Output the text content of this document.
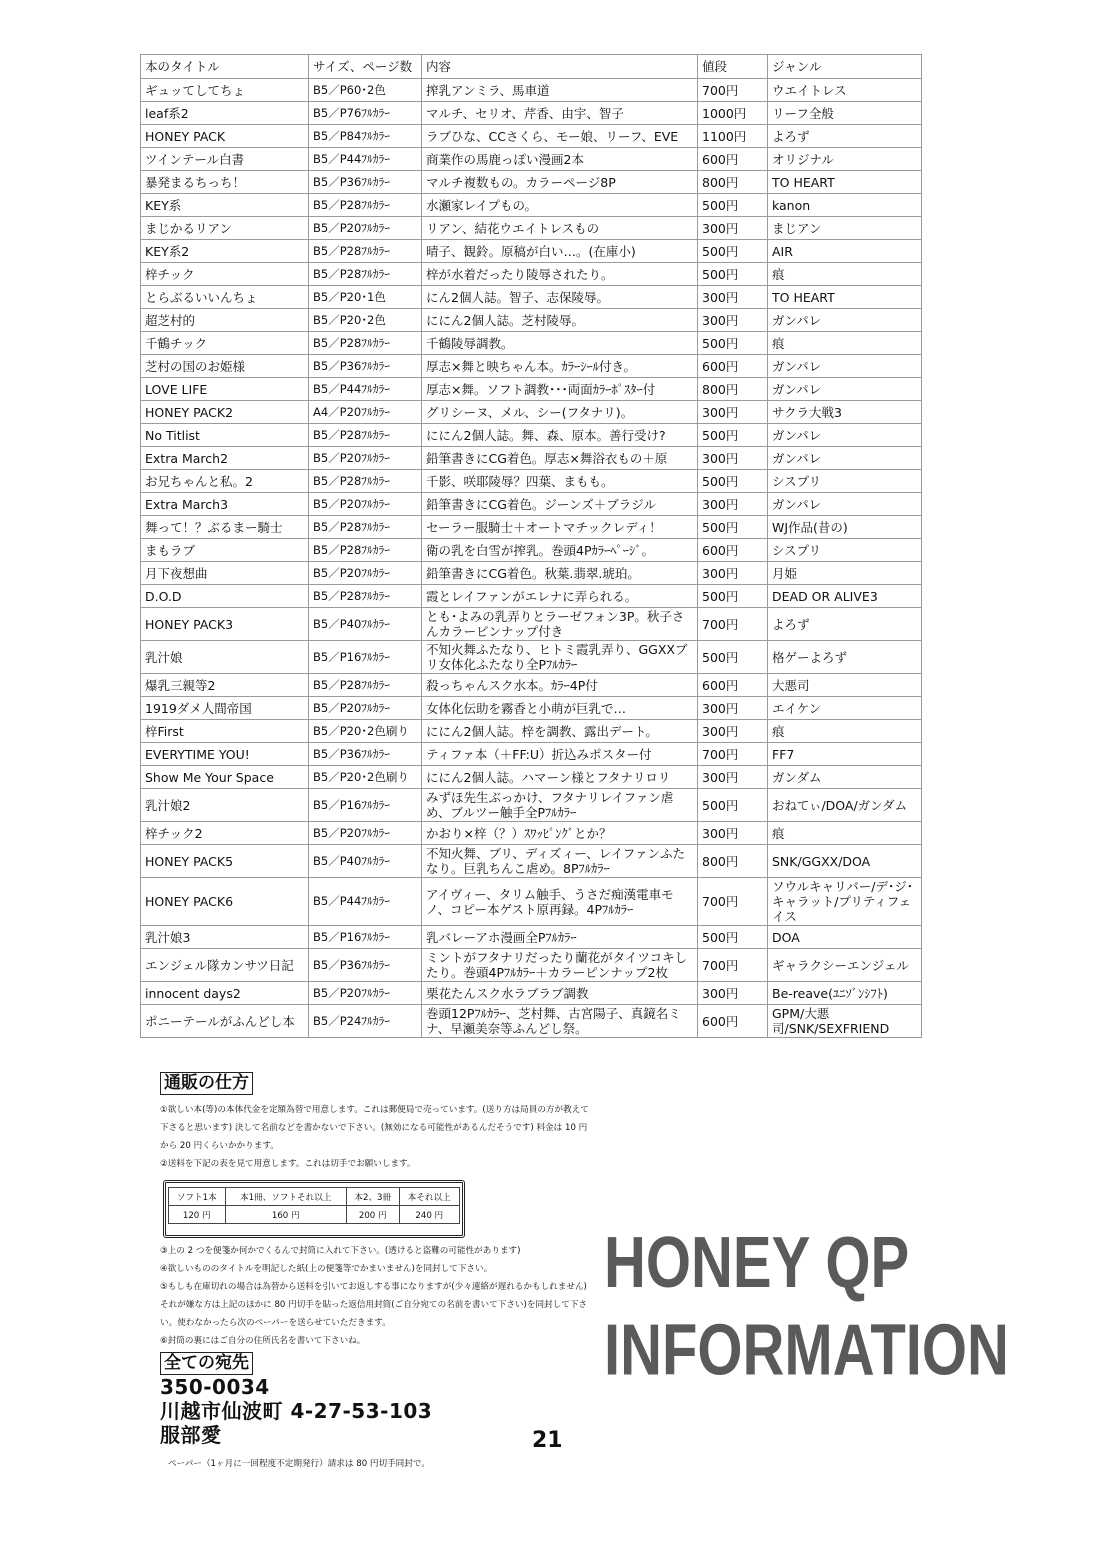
本のタイトル	サイズ、ページ数	内容	値段	ジャンル
ギュッてしてちょ	B5／P60･2色	搾乳アンミラ、馬車道	700円	ウエイトレス
leaf系2	B5／P76ﾌﾙｶﾗｰ	マルチ、セリオ、芹香、由宇、智子	1000円	リーフ全般
HONEY PACK	B5／P84ﾌﾙｶﾗｰ	ラブひな、CCさくら、モー娘、リーフ、EVE	1100円	よろず
ツインテール白書	B5／P44ﾌﾙｶﾗｰ	商業作の馬鹿っぽい漫画2本	600円	オリジナル
暴発まるちっち！	B5／P36ﾌﾙｶﾗｰ	マルチ複数もの。カラーページ8P	800円	TO HEART
KEY系	B5／P28ﾌﾙｶﾗｰ	水瀬家レイプもの。	500円	kanon
まじかるリアン	B5／P20ﾌﾙｶﾗｰ	リアン、結花ウエイトレスもの	300円	まじアン
KEY系2	B5／P28ﾌﾙｶﾗｰ	晴子、観鈴。原稿が白い…。(在庫小)	500円	AIR
梓チック	B5／P28ﾌﾙｶﾗｰ	梓が水着だったり陵辱されたり。	500円	痕
とらぶるいいんちょ	B5／P20･1色	にん2個人誌。智子、志保陵辱。	300円	TO HEART
超芝村的	B5／P20･2色	ににん2個人誌。芝村陵辱。	300円	ガンパレ
千鶴チック	B5／P28ﾌﾙｶﾗｰ	千鶴陵辱調教。	500円	痕
芝村の国のお姫様	B5／P36ﾌﾙｶﾗｰ	厚志×舞と映ちゃん本。ｶﾗｰｼｰﾙ付き。	600円	ガンパレ
LOVE LIFE	B5／P44ﾌﾙｶﾗｰ	厚志×舞。ソフト調教･･･両面ｶﾗｰﾎﾟｽﾀｰ付	800円	ガンパレ
HONEY PACK2	A4／P20ﾌﾙｶﾗｰ	グリシーヌ、メル、シー(フタナリ)。	300円	サクラ大戦3
No Titlist	B5／P28ﾌﾙｶﾗｰ	ににん2個人誌。舞、森、原本。善行受け?	500円	ガンパレ
Extra March2	B5／P20ﾌﾙｶﾗｰ	鉛筆書きにCG着色。厚志×舞浴衣もの＋原	300円	ガンパレ
お兄ちゃんと私。2	B5／P28ﾌﾙｶﾗｰ	千影、咲耶陵辱？四葉、まもも。	500円	シスプリ
Extra March3	B5／P20ﾌﾙｶﾗｰ	鉛筆書きにCG着色。ジーンズ＋ブラジル	300円	ガンパレ
舞って！？ぶるまー騎士	B5／P28ﾌﾙｶﾗｰ	セーラー服騎士＋オートマチックレディ！	500円	WJ作品(昔の)
まもラブ	B5／P28ﾌﾙｶﾗｰ	衛の乳を白雪が搾乳。巻頭4Pｶﾗｰﾍﾟｰｼﾞ。	600円	シスプリ
月下夜想曲	B5／P20ﾌﾙｶﾗｰ	鉛筆書きにCG着色。秋葉.翡翠.琥珀。	300円	月姫
D.O.D	B5／P28ﾌﾙｶﾗｰ	霞とレイファンがエレナに弄られる。	500円	DEAD OR ALIVE3
HONEY PACK3	B5／P40ﾌﾙｶﾗｰ	とも･よみの乳弄りとラーゼフォン3P。秋子さんカラーピンナップ付き	700円	よろず
乳汁娘	B5／P16ﾌﾙｶﾗｰ	不知火舞ふたなり、ヒトミ霞乳弄り、GGXXブリ女体化ふたなり全Pﾌﾙｶﾗｰ	500円	格ゲーよろず
爆乳三親等2	B5／P28ﾌﾙｶﾗｰ	殺っちゃんスク水本。ｶﾗｰ4P付	600円	大悪司
1919ダメ人間帝国	B5／P20ﾌﾙｶﾗｰ	女体化伝助を霧香と小萌が巨乳で…	300円	エイケン
梓First	B5／P20･2色刷り	ににん2個人誌。梓を調教、露出デート。	300円	痕
EVERYTIME YOU!	B5／P36ﾌﾙｶﾗｰ	ティファ本（＋FF:U）折込みポスター付	700円	FF7
Show Me Your Space	B5／P20･2色刷り	ににん2個人誌。ハマーン様とフタナリロリ	300円	ガンダム
乳汁娘2	B5／P16ﾌﾙｶﾗｰ	みずほ先生ぶっかけ、フタナリレイファン虐め、ブルツー触手全Pﾌﾙｶﾗｰ	500円	おねてぃ/DOA/ガンダム
梓チック2	B5／P20ﾌﾙｶﾗｰ	かおり×梓（？）ｽﾜｯﾋﾟﾝｸﾞとか？	300円	痕
HONEY PACK5	B5／P40ﾌﾙｶﾗｰ	不知火舞、ブリ、ディズィー、レイファンふたなり。巨乳ちんこ虐め。8Pﾌﾙｶﾗｰ	800円	SNK/GGXX/DOA
HONEY PACK6	B5／P44ﾌﾙｶﾗｰ	アイヴィー、タリム触手、うさだ痴漢電車モノ、コピー本ゲスト原再録。4Pﾌﾙｶﾗｰ	700円	ソウルキャリバー/デ･ジ･キャラット/プリティフェイス
乳汁娘3	B5／P16ﾌﾙｶﾗｰ	乳バレーアホ漫画全Pﾌﾙｶﾗｰ	500円	DOA
エンジェル隊カンサツ日記	B5／P36ﾌﾙｶﾗｰ	ミントがフタナリだったり蘭花がタイツコキしたり。巻頭4Pﾌﾙｶﾗｰ＋カラーピンナップ2枚	700円	ギャラクシーエンジェル
innocent days2	B5／P20ﾌﾙｶﾗｰ	栗花たんスク水ラブラブ調教	300円	Be-reave(ﾕﾆｿﾞﾝｼﾌﾄ)
ポニーテールがふんどし本	B5／P24ﾌﾙｶﾗｰ	巻頭12Pﾌﾙｶﾗｰ、芝村舞、古宮陽子、真鏡名ミナ、早瀬美奈等ふんどし祭。	600円	GPM/大悪司/SNK/SEXFRIEND
通販の仕方

①欲しい本(等)の本体代金を定額為替で用意します。これは郵便局で売っています。(送り方は局員の方が教えて下さると思います) 決して名前などを書かないで下さい。(無効になる可能性があるんだそうです) 料金は 10 円から 20 円くらいかかります。

②送料を下記の表を見て用意します。これは切手でお願いします。

ソフト1本	本1冊、ソフトそれ以上	本2、3冊	本それ以上
120 円	160 円	200 円	240 円

③上の 2 つを便箋か何かでくるんで封筒に入れて下さい。(透けると盗難の可能性があります)

④欲しいもののタイトルを明記した紙(上の便箋等でかまいません)を同封して下さい。

⑤もしも在庫切れの場合は為替から送料を引いてお返しする事になりますが(少々連絡が遅れるかもしれません)それが嫌な方は上記のほかに 80 円切手を貼った返信用封筒(ご自分宛ての名前を書いて下さい)を同封して下さい。使わなかったら次のペーパーを送らせていただきます。

⑥封筒の裏にはご自分の住所氏名を書いて下さいね。

全ての宛先
350-0034
川越市仙波町 4-27-53-103
服部愛	21
ペーパー（1ヶ月に一回程度不定期発行）請求は 80 円切手同封で。
HONEY QP
INFORMATION
